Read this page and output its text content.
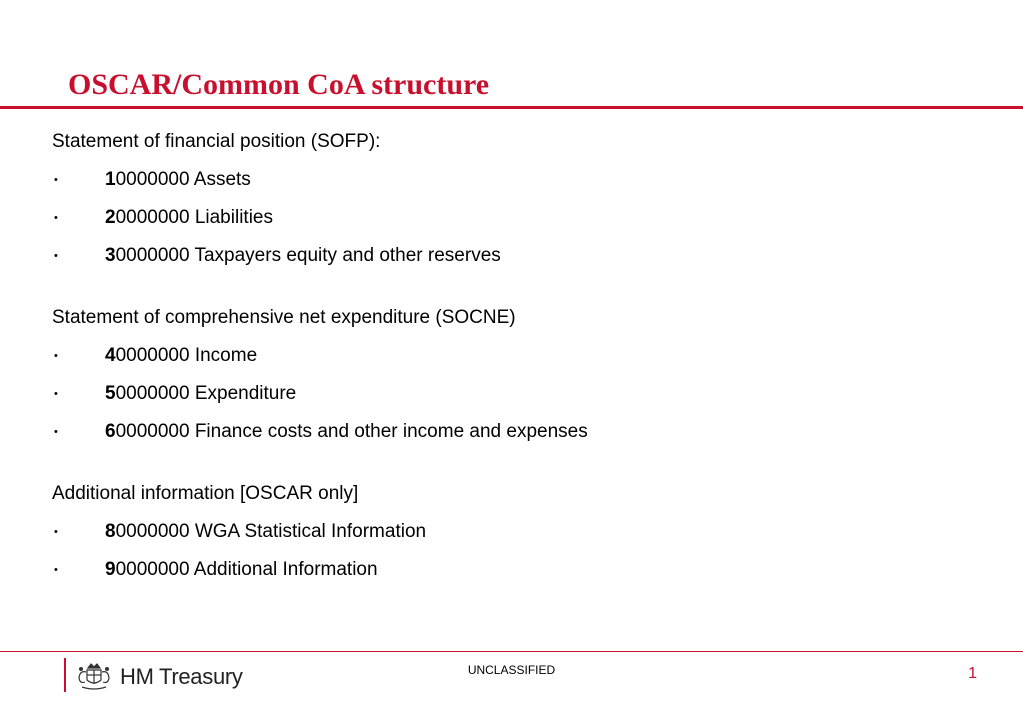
OSCAR/Common CoA structure
Statement of financial position (SOFP):
• 10000000 Assets
• 20000000 Liabilities
• 30000000 Taxpayers equity and other reserves
Statement of comprehensive net expenditure (SOCNE)
• 40000000 Income
• 50000000 Expenditure
• 60000000 Finance costs and other income and expenses
Additional information [OSCAR only]
• 80000000 WGA Statistical Information
• 90000000 Additional Information
HM Treasury	UNCLASSIFIED	1
